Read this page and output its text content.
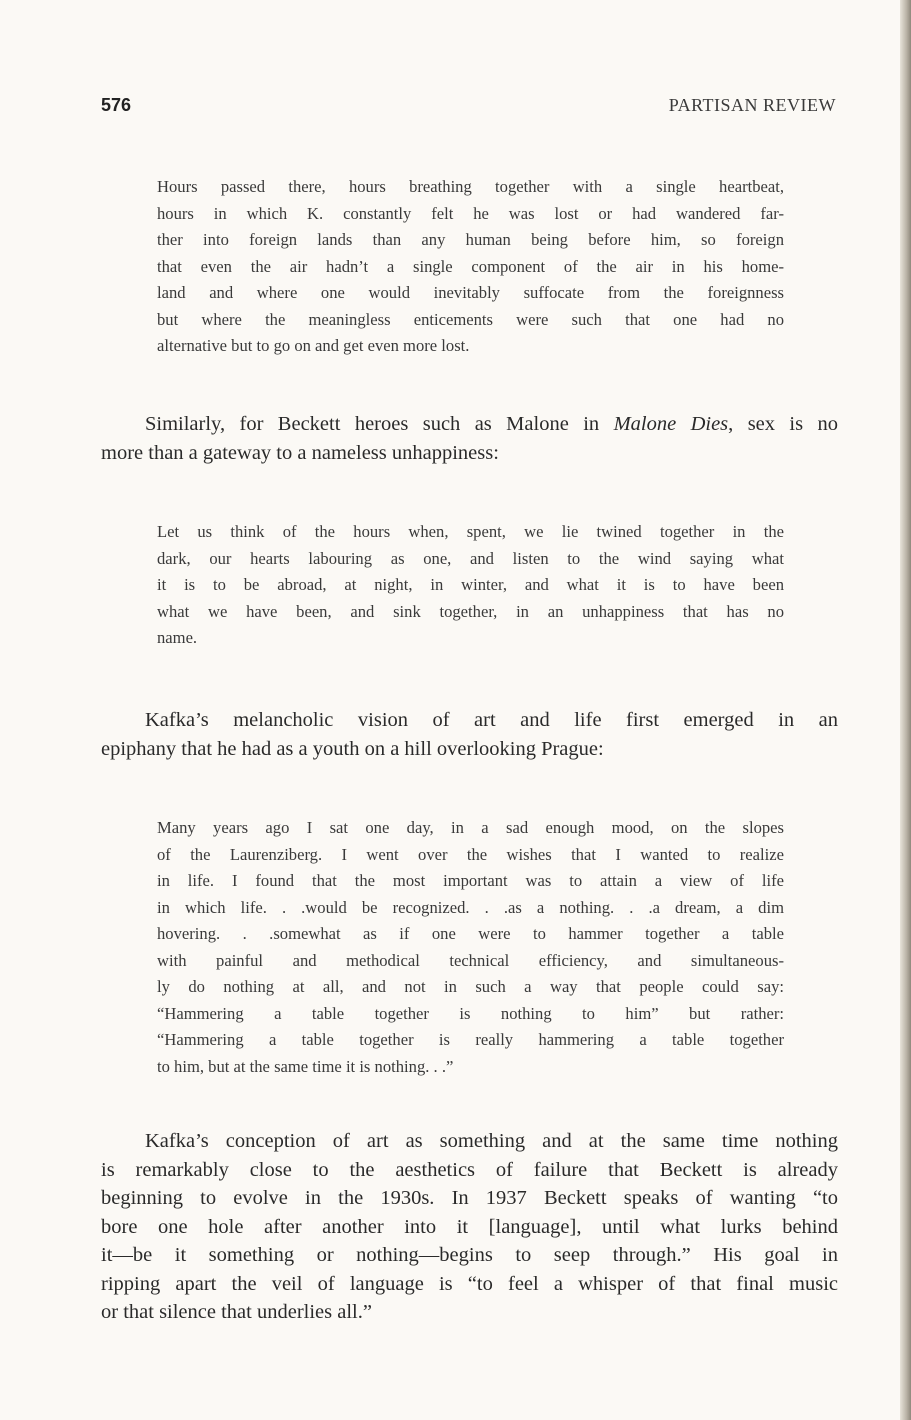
576	PARTISAN REVIEW
Hours passed there, hours breathing together with a single heartbeat,
hours in which K. constantly felt he was lost or had wandered far-
ther into foreign lands than any human being before him, so foreign
that even the air hadn’t a single component of the air in his home-
land and where one would inevitably suffocate from the foreignness
but where the meaningless enticements were such that one had no
alternative but to go on and get even more lost.
Similarly, for Beckett heroes such as Malone in Malone Dies, sex is no
more than a gateway to a nameless unhappiness:
Let us think of the hours when, spent, we lie twined together in the
dark, our hearts labouring as one, and listen to the wind saying what
it is to be abroad, at night, in winter, and what it is to have been
what we have been, and sink together, in an unhappiness that has no
name.
Kafka’s melancholic vision of art and life first emerged in an
epiphany that he had as a youth on a hill overlooking Prague:
Many years ago I sat one day, in a sad enough mood, on the slopes
of the Laurenziberg. I went over the wishes that I wanted to realize
in life. I found that the most important was to attain a view of life
in which life. . .would be recognized. . .as a nothing. . .a dream, a dim
hovering. . .somewhat as if one were to hammer together a table
with painful and methodical technical efficiency, and simultaneous-
ly do nothing at all, and not in such a way that people could say:
“Hammering a table together is nothing to him” but rather:
“Hammering a table together is really hammering a table together
to him, but at the same time it is nothing. . .”
Kafka’s conception of art as something and at the same time nothing
is remarkably close to the aesthetics of failure that Beckett is already
beginning to evolve in the 1930s. In 1937 Beckett speaks of wanting “to
bore one hole after another into it [language], until what lurks behind
it—be it something or nothing—begins to seep through.” His goal in
ripping apart the veil of language is “to feel a whisper of that final music
or that silence that underlies all.”
